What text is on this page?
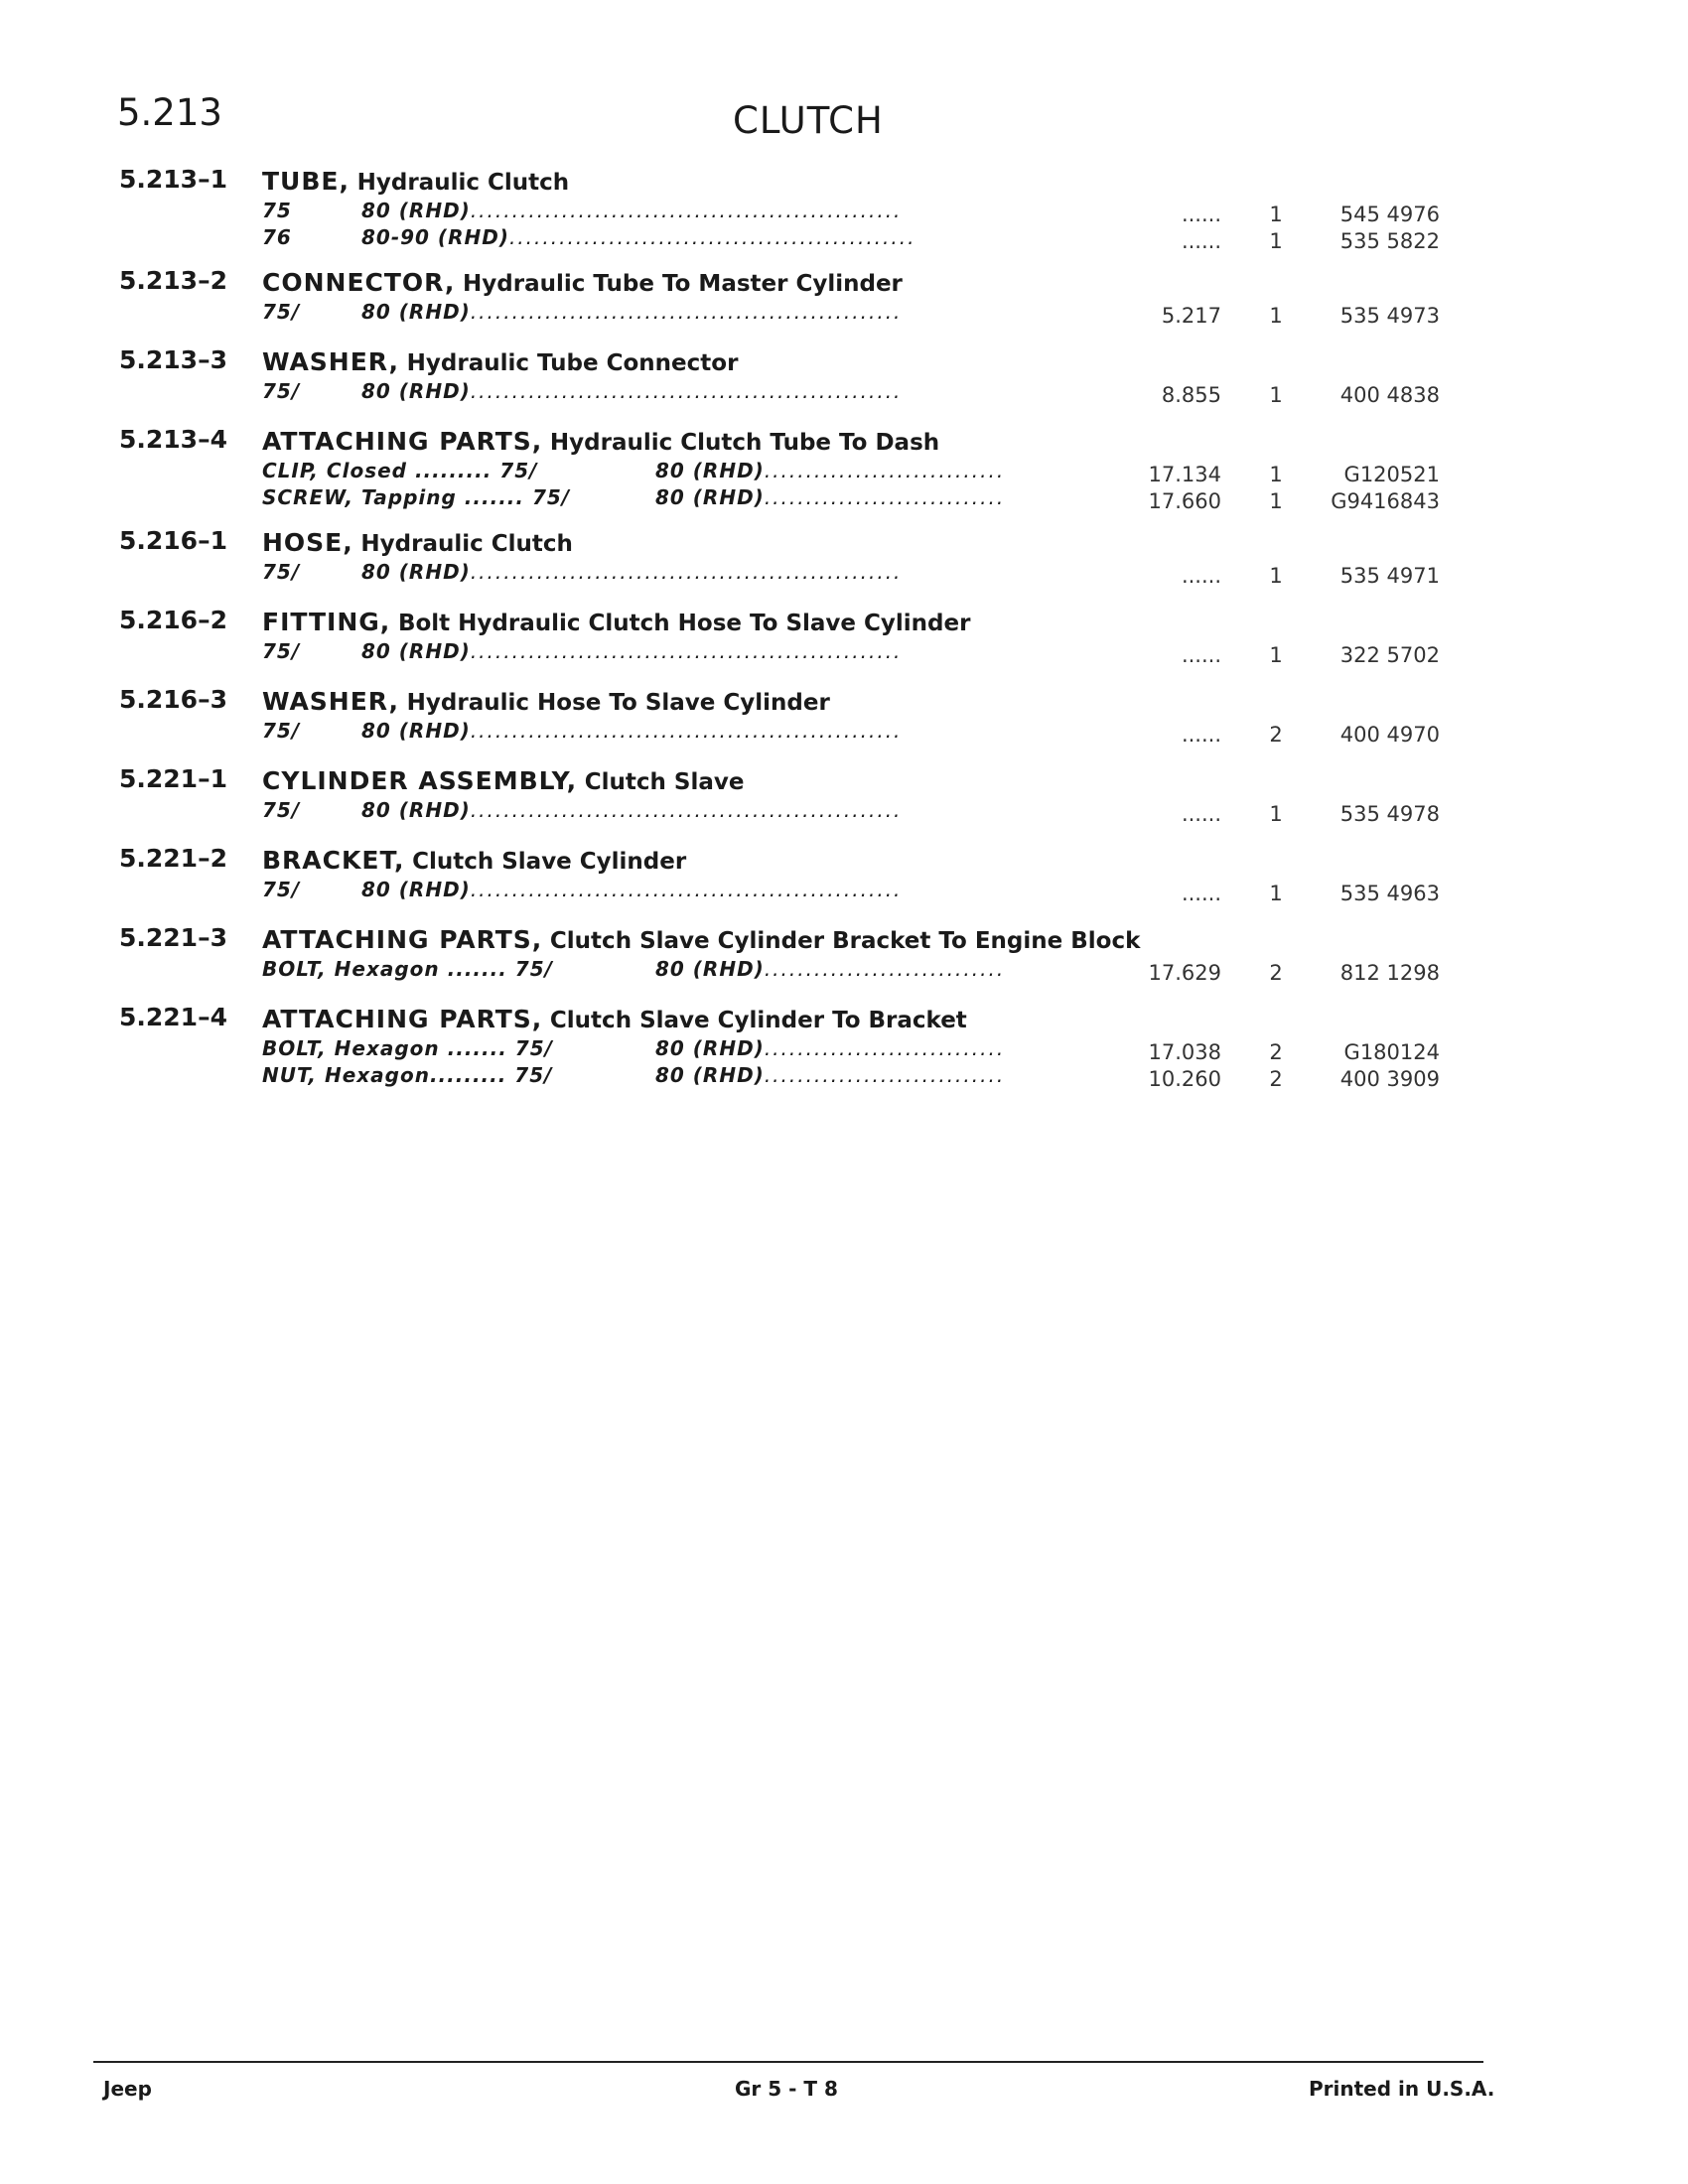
5.213	CLUTCH
5.213–1 TUBE, Hydraulic Clutch
75	80 (RHD)....................................................	......	1	545 4976
76	80-90 (RHD).................................................	......	1	535 5822
5.213–2 CONNECTOR, Hydraulic Tube To Master Cylinder
75/	80 (RHD)....................................................	5.217	1	535 4973
5.213–3 WASHER, Hydraulic Tube Connector
75/	80 (RHD)....................................................	8.855	1	400 4838
5.213–4 ATTACHING PARTS, Hydraulic Clutch Tube To Dash
CLIP, Closed ......... 75/	80 (RHD).............................	17.134	1	G120521
SCREW, Tapping ....... 75/	80 (RHD).............................	17.660	1	G9416843
5.216–1 HOSE, Hydraulic Clutch
75/	80 (RHD)....................................................	......	1	535 4971
5.216–2 FITTING, Bolt Hydraulic Clutch Hose To Slave Cylinder
75/	80 (RHD)....................................................	......	1	322 5702
5.216–3 WASHER, Hydraulic Hose To Slave Cylinder
75/	80 (RHD)....................................................	......	2	400 4970
5.221–1 CYLINDER ASSEMBLY, Clutch Slave
75/	80 (RHD)....................................................	......	1	535 4978
5.221–2 BRACKET, Clutch Slave Cylinder
75/	80 (RHD)....................................................	......	1	535 4963
5.221–3 ATTACHING PARTS, Clutch Slave Cylinder Bracket To Engine Block
BOLT, Hexagon ....... 75/	80 (RHD).............................	17.629	2	812 1298
5.221–4 ATTACHING PARTS, Clutch Slave Cylinder To Bracket
BOLT, Hexagon ....... 75/	80 (RHD).............................	17.038	2	G180124
NUT, Hexagon......... 75/	80 (RHD).............................	10.260	2	400 3909
Jeep	Gr 5 - T 8	Printed in U.S.A.
